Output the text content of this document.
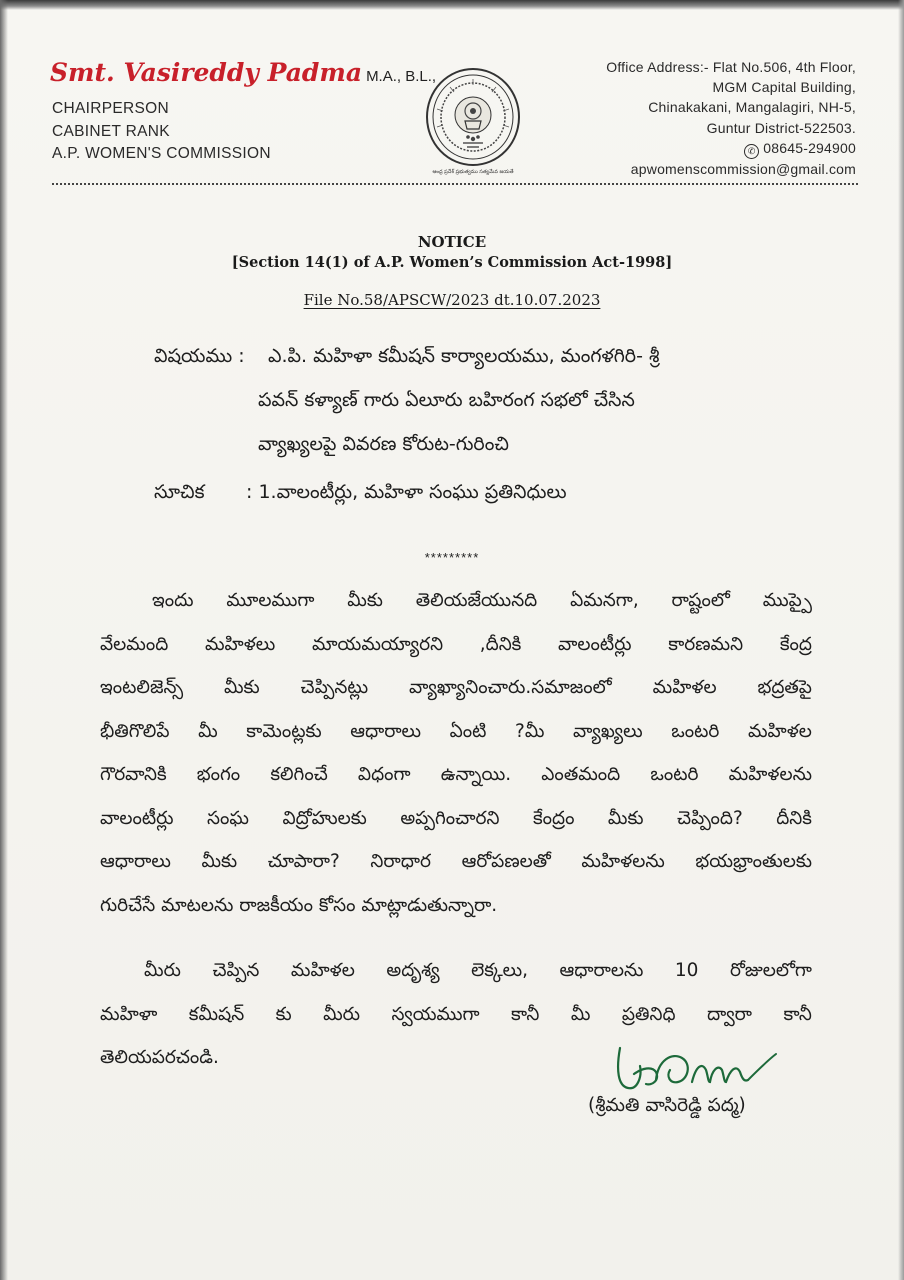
Smt. Vasireddy Padma M.A., B.L.,
CHAIRPERSON
CABINET RANK
A.P. WOMEN'S COMMISSION
ఆంధ్ర ప్రదేశ్ ప్రభుత్వము సత్యమేవ జయతే
Office Address:- Flat No.506, 4th Floor,
MGM Capital Building,
Chinakakani, Mangalagiri, NH-5,
Guntur District-522503.
✆ 08645-294900
apwomenscommission@gmail.com
NOTICE
[Section 14(1) of A.P. Women’s Commission Act-1998]
File No.58/APSCW/2023 dt.10.07.2023
విషయము : ఎ.పి. మహిళా కమీషన్ కార్యాలయము, మంగళగిరి- శ్రీ
పవన్ కళ్యాణ్ గారు ఏలూరు బహిరంగ సభలో చేసిన
వ్యాఖ్యలపై వివరణ కోరుట-గురించి
సూచిక : 1.వాలంటీర్లు, మహిళా సంఘు ప్రతినిధులు
*********
ఇందు మూలముగా మీకు తెలియజేయునది ఏమనగా, రాష్టంలో ముప్పై
వేలమంది మహిళలు మాయమయ్యారని ,దీనికి వాలంటీర్లు కారణమని కేంద్ర
ఇంటలిజెన్స్ మీకు చెప్పినట్లు వ్యాఖ్యానించారు.సమాజంలో మహిళల భద్రతపై
భీతిగొలిపే మీ కామెంట్లకు ఆధారాలు ఏంటి ?మీ వ్యాఖ్యలు ఒంటరి మహిళల
గౌరవానికి భంగం కలిగించే విధంగా ఉన్నాయి. ఎంతమంది ఒంటరి మహిళలను
వాలంటీర్లు సంఘ విద్రోహులకు అప్పగించారని కేంద్రం మీకు చెప్పింది? దీనికి
ఆధారాలు మీకు చూపారా? నిరాధార ఆరోపణలతో మహిళలను భయభ్రాంతులకు
గురిచేసే మాటలను రాజకీయం కోసం మాట్లాడుతున్నారా.
మీరు చెప్పిన మహిళల అదృశ్య లెక్కలు, ఆధారాలను 10 రోజులలోగా
మహిళా కమీషన్ కు మీరు స్వయముగా కానీ మీ ప్రతినిధి ద్వారా కానీ
తెలియపరచండి.
(శ్రీమతి వాసిరెడ్డి పద్మ)
